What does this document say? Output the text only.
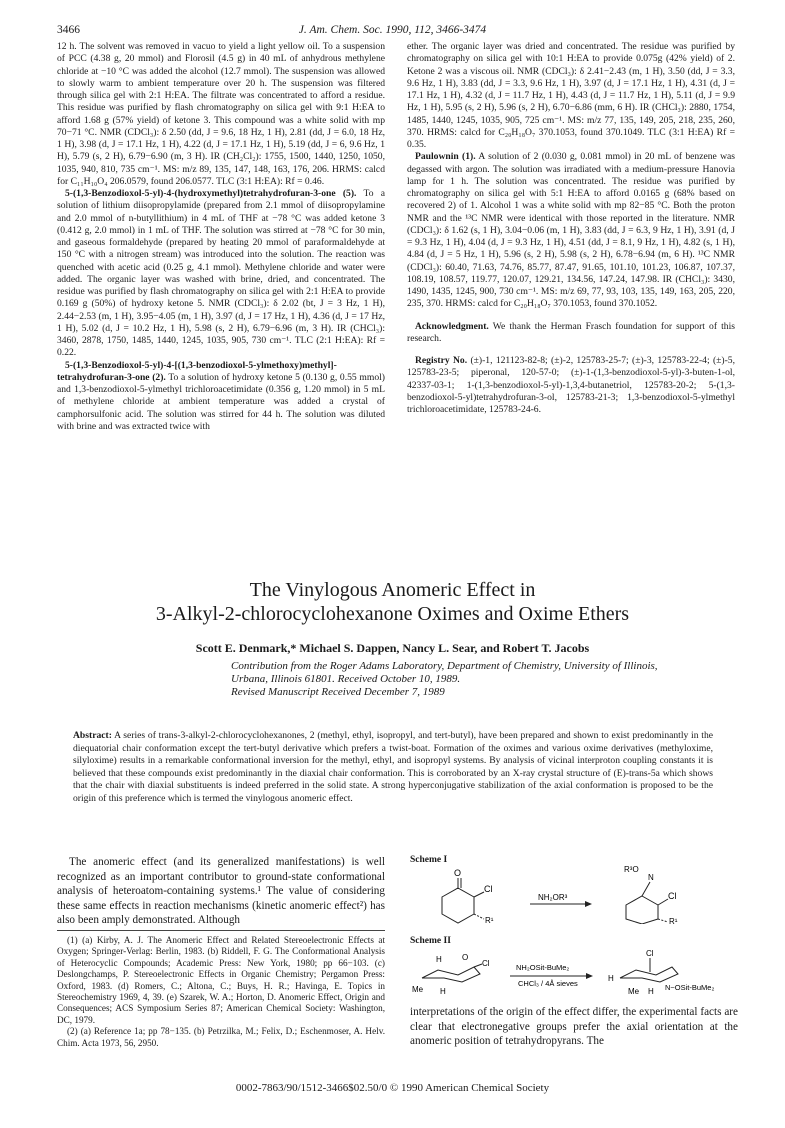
3466	J. Am. Chem. Soc. 1990, 112, 3466-3474

12 h. The solvent was removed in vacuo to yield a light yellow oil. To a suspension of PCC (4.38 g, 20 mmol) and Florosil (4.5 g) in 40 mL of anhydrous methylene chloride at −10 °C was added the alcohol (12.7 mmol). The suspension was allowed to slowly warm to ambient temperature over 20 h. The suspension was filtered through silica gel with 2:1 H:EA. The filtrate was concentrated to afford a residue. This residue was purified by flash chromatography on silica gel with 9:1 H:EA to afford 1.68 g (57% yield) of ketone 3. This compound was a white solid with mp 70−71 °C. NMR (CDCl₃): δ 2.50 (dd, J = 9.6, 18 Hz, 1 H), 2.81 (dd, J = 6.0, 18 Hz, 1 H), 3.98 (d, J = 17.1 Hz, 1 H), 4.22 (d, J = 17.1 Hz, 1 H), 5.19 (dd, J = 6, 9.6 Hz, 1 H), 5.79 (s, 2 H), 6.79−6.90 (m, 3 H). IR (CH₂Cl₂): 1755, 1500, 1440, 1250, 1050, 1035, 940, 810, 735 cm⁻¹. MS: m/z 89, 135, 147, 148, 163, 176, 206. HRMS: calcd for C₁₁H₁₀O₄ 206.0579, found 206.0577. TLC (3:1 H:EA): Rf = 0.46.

5-(1,3-Benzodioxol-5-yl)-4-(hydroxymethyl)tetrahydrofuran-3-one (5). To a solution of lithium diisopropylamide (prepared from 2.1 mmol of diisopropylamine and 2.0 mmol of n-butyllithium) in 4 mL of THF at −78 °C was added ketone 3 (0.412 g, 2.0 mmol) in 1 mL of THF. The solution was stirred at −78 °C for 30 min, and gaseous formaldehyde (prepared by heating 20 mmol of paraformaldehyde at 150 °C with a nitrogen stream) was introduced into the solution. The reaction was quenched with acetic acid (0.25 g, 4.1 mmol). Methylene chloride and water were added. The organic layer was washed with brine, dried, and concentrated. The residue was purified by flash chromatography on silica gel with 2:1 H:EA to provide 0.169 g (50%) of hydroxy ketone 5. NMR (CDCl₃): δ 2.02 (bt, J = 3 Hz, 1 H), 2.44−2.53 (m, 1 H), 3.95−4.05 (m, 1 H), 3.97 (d, J = 17 Hz, 1 H), 4.36 (d, J = 17 Hz, 1 H), 5.02 (d, J = 10.2 Hz, 1 H), 5.98 (s, 2 H), 6.79−6.96 (m, 3 H). IR (CHCl₃): 3460, 2878, 1750, 1485, 1440, 1245, 1035, 905, 730 cm⁻¹. TLC (2:1 H:EA): Rf = 0.22.

5-(1,3-Benzodioxol-5-yl)-4-[(1,3-benzodioxol-5-ylmethoxy)methyl]-tetrahydrofuran-3-one (2). To a solution of hydroxy ketone 5 (0.130 g, 0.55 mmol) and 1,3-benzodioxol-5-ylmethyl trichloroacetimidate (0.356 g, 1.20 mmol) in 5 mL of methylene chloride at ambient temperature was added a crystal of camphorsulfonic acid. The solution was stirred for 44 h. The solution was diluted with brine and was extracted twice with

ether. The organic layer was dried and concentrated. The residue was purified by chromatography on silica gel with 10:1 H:EA to provide 0.075g (42% yield) of 2. Ketone 2 was a viscous oil. NMR (CDCl₃): δ 2.41−2.43 (m, 1 H), 3.50 (dd, J = 3.3, 9.6 Hz, 1 H), 3.83 (dd, J = 3.3, 9.6 Hz, 1 H), 3.97 (d, J = 17.1 Hz, 1 H), 4.31 (d, J = 17.1 Hz, 1 H), 4.32 (d, J = 11.7 Hz, 1 H), 4.43 (d, J = 11.7 Hz, 1 H), 5.11 (d, J = 9.9 Hz, 1 H), 5.95 (s, 2 H), 5.96 (s, 2 H), 6.70−6.86 (mm, 6 H). IR (CHCl₃): 2880, 1754, 1485, 1440, 1245, 1035, 905, 725 cm⁻¹. MS: m/z 77, 135, 149, 205, 218, 235, 260, 370. HRMS: calcd for C₂₀H₁₈O₇ 370.1053, found 370.1049. TLC (3:1 H:EA) Rf = 0.35.

Paulownin (1). A solution of 2 (0.030 g, 0.081 mmol) in 20 mL of benzene was degassed with argon. The solution was irradiated with a medium-pressure Hanovia lamp for 1 h. The solution was concentrated. The residue was purified by chromatography on silica gel with 5:1 H:EA to afford 0.0165 g (68% based on recovered 2) of 1. Alcohol 1 was a white solid with mp 82−85 °C. Both the proton NMR and the ¹³C NMR were identical with those reported in the literature. NMR (CDCl₃): δ 1.62 (s, 1 H), 3.04−0.06 (m, 1 H), 3.83 (dd, J = 6.3, 9 Hz, 1 H), 3.91 (d, J = 9.3 Hz, 1 H), 4.04 (d, J = 9.3 Hz, 1 H), 4.51 (dd, J = 8.1, 9 Hz, 1 H), 4.82 (s, 1 H), 4.84 (d, J = 5 Hz, 1 H), 5.96 (s, 2 H), 5.98 (s, 2 H), 6.78−6.94 (m, 6 H). ¹³C NMR (CDCl₃): 60.40, 71.63, 74.76, 85.77, 87.47, 91.65, 101.10, 101.23, 106.87, 107.37, 108.19, 108.57, 119.77, 120.07, 129.21, 134.56, 147.24, 147.98. IR (CHCl₃): 3430, 1490, 1435, 1245, 900, 730 cm⁻¹. MS: m/z 69, 77, 93, 103, 135, 149, 163, 205, 220, 235, 370. HRMS: calcd for C₂₀H₁₈O₇ 370.1053, found 370.1052.

Acknowledgment. We thank the Herman Frasch foundation for support of this research.

Registry No. (±)-1, 121123-82-8; (±)-2, 125783-25-7; (±)-3, 125783-22-4; (±)-5, 125783-23-5; piperonal, 120-57-0; (±)-1-(1,3-benzodioxol-5-yl)-3-buten-1-ol, 42337-03-1; 1-(1,3-benzodioxol-5-yl)-1,3,4-butanetriol, 125783-20-2; 5-(1,3-benzodioxol-5-yl)tetrahydrofuran-3-ol, 125783-21-3; 1,3-benzodioxol-5-ylmethyl trichloroacetimidate, 125783-24-6.

The Vinylogous Anomeric Effect in
3-Alkyl-2-chlorocyclohexanone Oximes and Oxime Ethers
Scott E. Denmark,* Michael S. Dappen, Nancy L. Sear, and Robert T. Jacobs
Contribution from the Roger Adams Laboratory, Department of Chemistry, University of Illinois,
Urbana, Illinois 61801. Received October 10, 1989.
Revised Manuscript Received December 7, 1989
Abstract: A series of trans-3-alkyl-2-chlorocyclohexanones, 2 (methyl, ethyl, isopropyl, and tert-butyl), have been prepared and shown to exist predominantly in the diequatorial chair conformation except the tert-butyl derivative which prefers a twist-boat. Formation of the oximes and various oxime derivatives (methyloxime, silyloxime) results in a remarkable conformational inversion for the methyl, ethyl, and isopropyl systems. By analysis of vicinal interproton coupling constants it is believed that these compounds exist predominantly in the diaxial chair conformation. This is corroborated by an X-ray crystal structure of (E)-trans-5a which shows that the chair with diaxial substituents is indeed preferred in the solid state. A strong hyperconjugative stabilization of the axial conformation is proposed to be the origin of this preference which is termed the vinylogous anomeric effect.
The anomeric effect (and its generalized manifestations) is well recognized as an important contributor to ground-state conformational analysis of heteroatom-containing systems.¹ The value of considering these same effects in reaction mechanisms (kinetic anomeric effect²) has also been amply demonstrated. Although

(1) (a) Kirby, A. J. The Anomeric Effect and Related Stereoelectronic Effects at Oxygen; Springer-Verlag: Berlin, 1983. (b) Riddell, F. G. The Conformational Analysis of Heterocyclic Compounds; Academic Press: New York, 1980; pp 66−103. (c) Deslongchamps, P. Stereoelectronic Effects in Organic Chemistry; Pergamon Press: Oxford, 1983. (d) Romers, C.; Altona, C.; Buys, H. R.; Havinga, E. Topics in Stereochemistry 1969, 4, 39. (e) Szarek, W. A.; Horton, D. Anomeric Effect, Origin and Consequences; ACS Symposium Series 87; American Chemical Society: Washington, DC, 1979.

(2) (a) Reference 1a; pp 78−135. (b) Petrzilka, M.; Felix, D.; Eschenmoser, A. Helv. Chim. Acta 1973, 56, 2950.

Scheme I
O
Cl
R¹
NH₂OR³
N
R³O
Cl
R¹
Scheme II
H	O
Cl
Me H
NH₂OSit-BuMe₂
CHCl₃ / 4Å sieves
Cl
H
Me H N~OSit-BuMe₂
interpretations of the origin of the effect differ, the experimental facts are clear that electronegative groups prefer the axial orientation at the anomeric position of tetrahydropyrans. The
0002-7863/90/1512-3466$02.50/0 © 1990 American Chemical Society
